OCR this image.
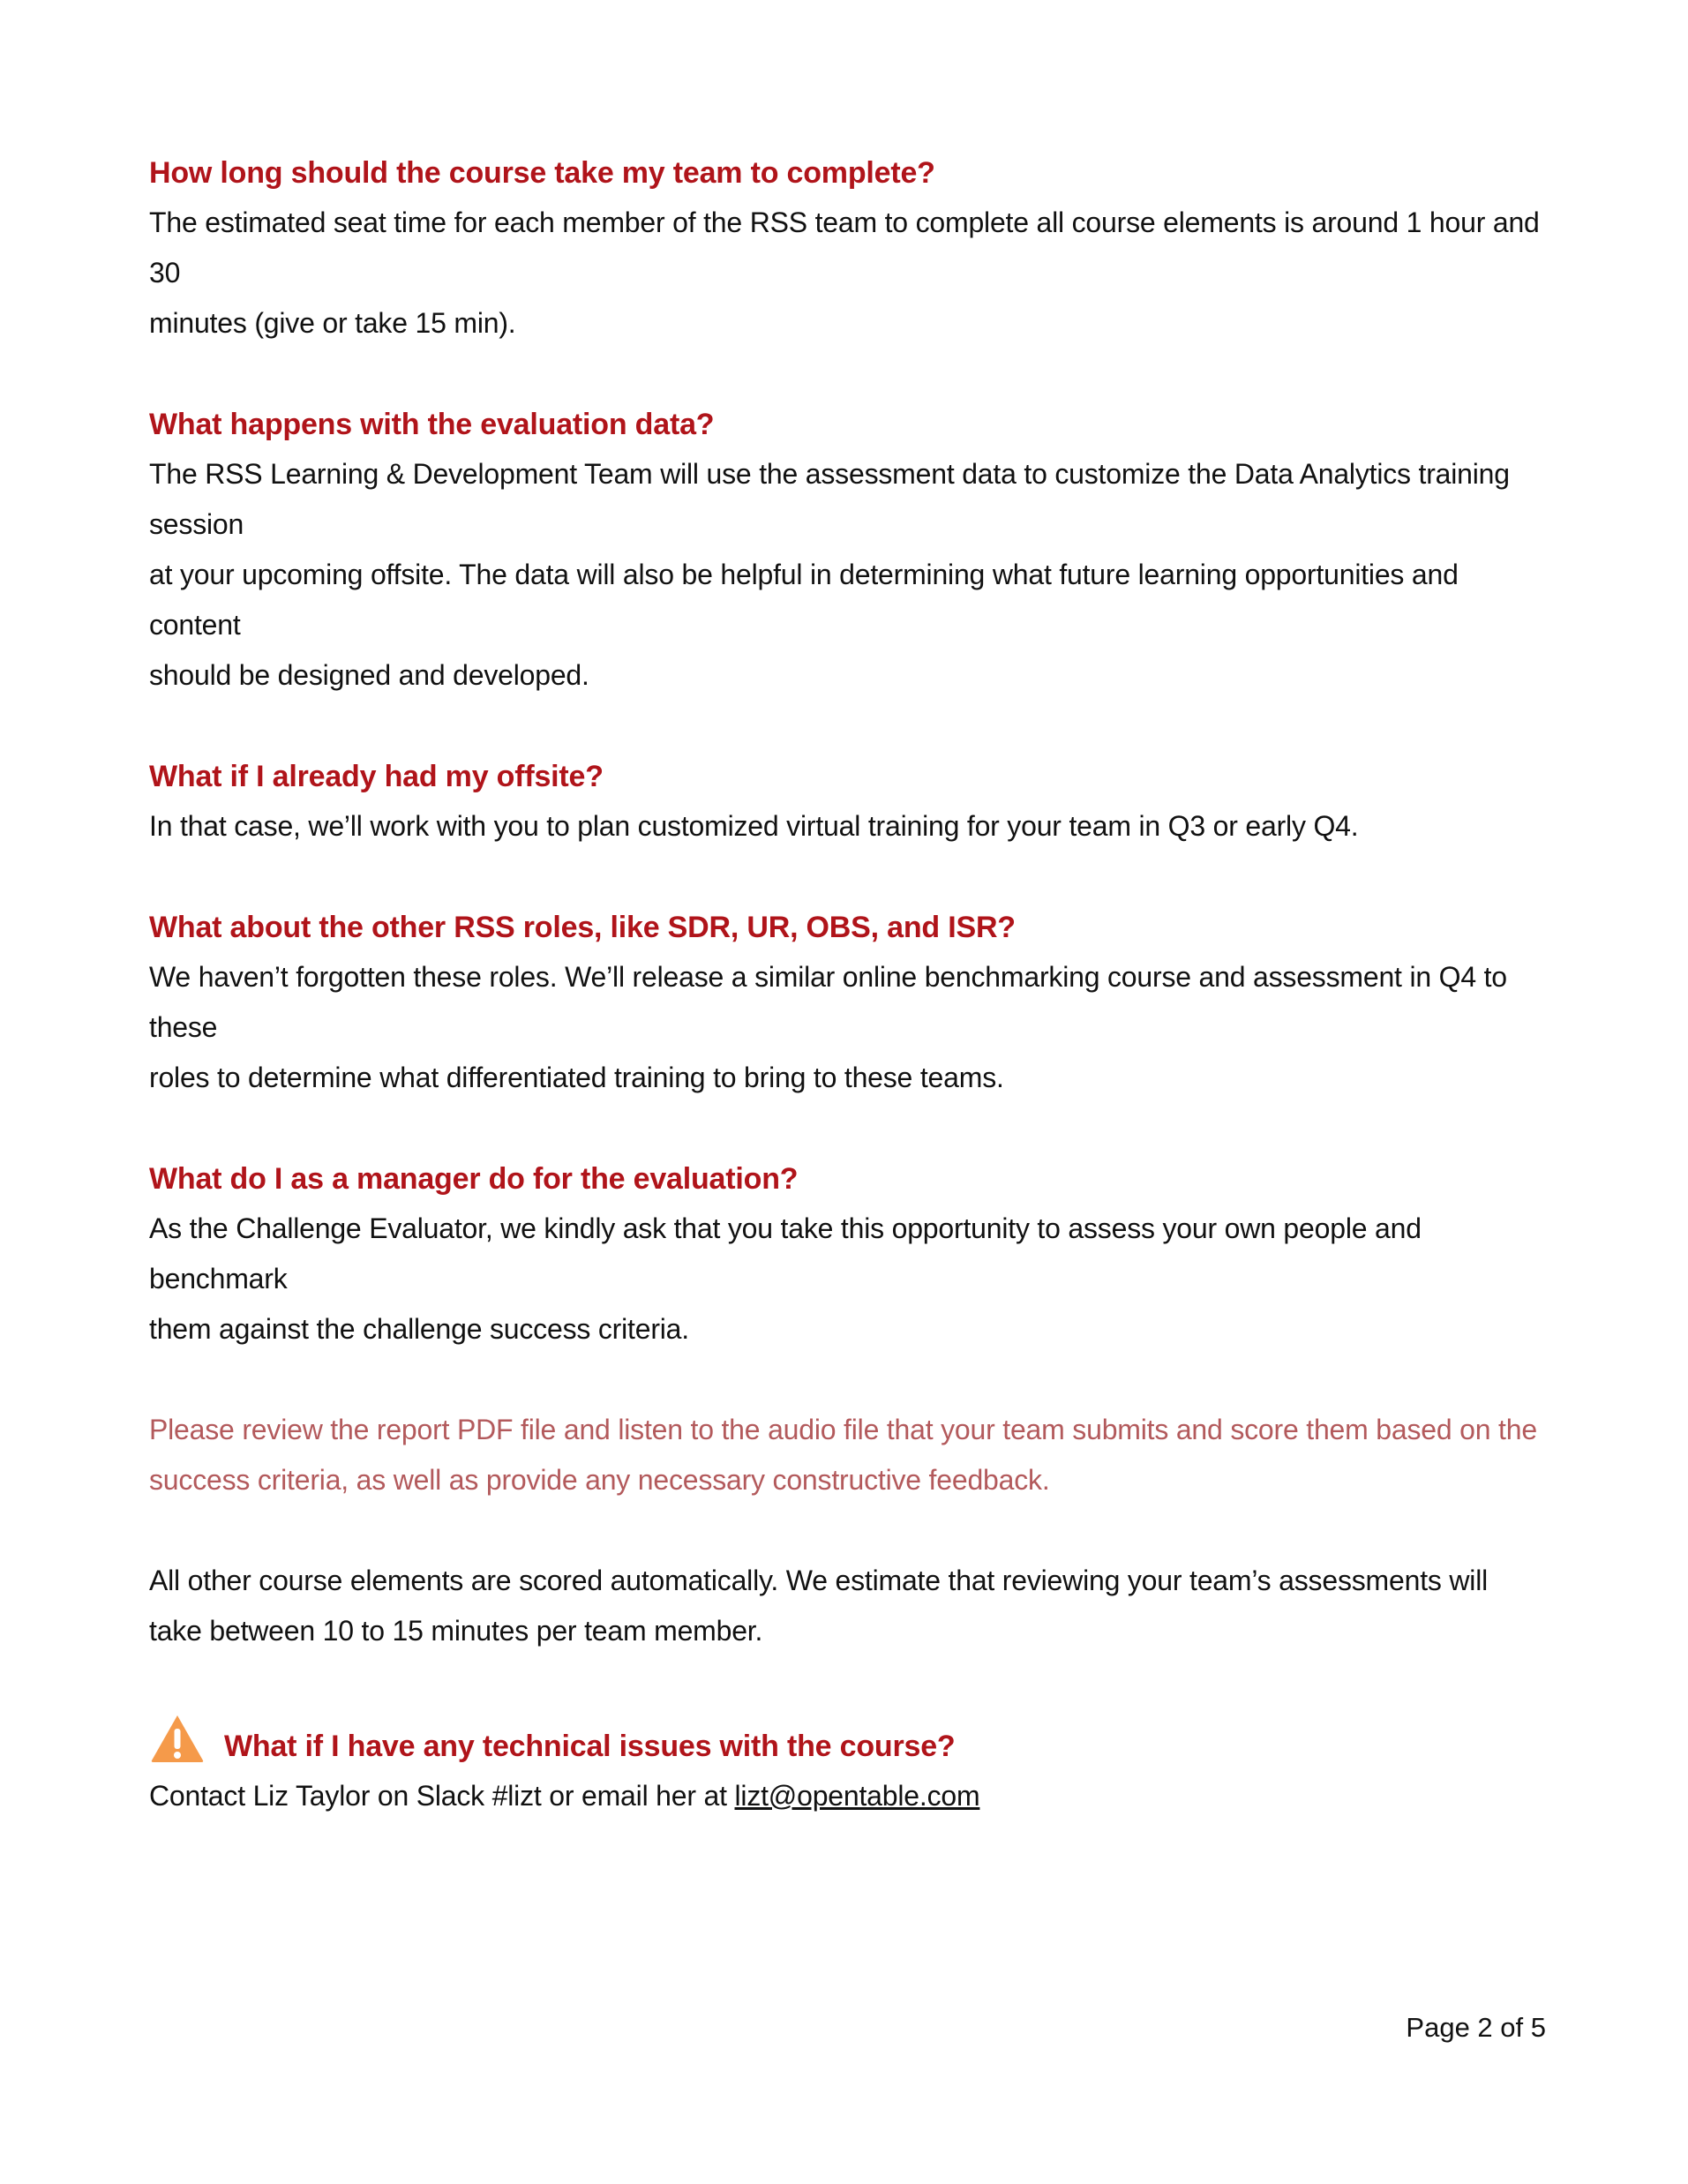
How long should the course take my team to complete?

The estimated seat time for each member of the RSS team to complete all course elements is around 1 hour and 30

minutes (give or take 15 min).

What happens with the evaluation data?

The RSS Learning & Development Team will use the assessment data to customize the Data Analytics training session

at your upcoming offsite. The data will also be helpful in determining what future learning opportunities and content

should be designed and developed.

What if I already had my offsite?

In that case, we’ll work with you to plan customized virtual training for your team in Q3 or early Q4.

What about the other RSS roles, like SDR, UR, OBS, and ISR?

We haven’t forgotten these roles. We’ll release a similar online benchmarking course and assessment in Q4 to these

roles to determine what differentiated training to bring to these teams.

What do I as a manager do for the evaluation?

As the Challenge Evaluator, we kindly ask that you take this opportunity to assess your own people and benchmark

them against the challenge success criteria.

Please review the report PDF file and listen to the audio file that your team submits and score them based on the

success criteria, as well as provide any necessary constructive feedback.

All other course elements are scored automatically. We estimate that reviewing your team’s assessments will

take between 10 to 15 minutes per team member.

What if I have any technical issues with the course?

Contact Liz Taylor on Slack #lizt or email her at lizt@opentable.com

Page 2 of 5
